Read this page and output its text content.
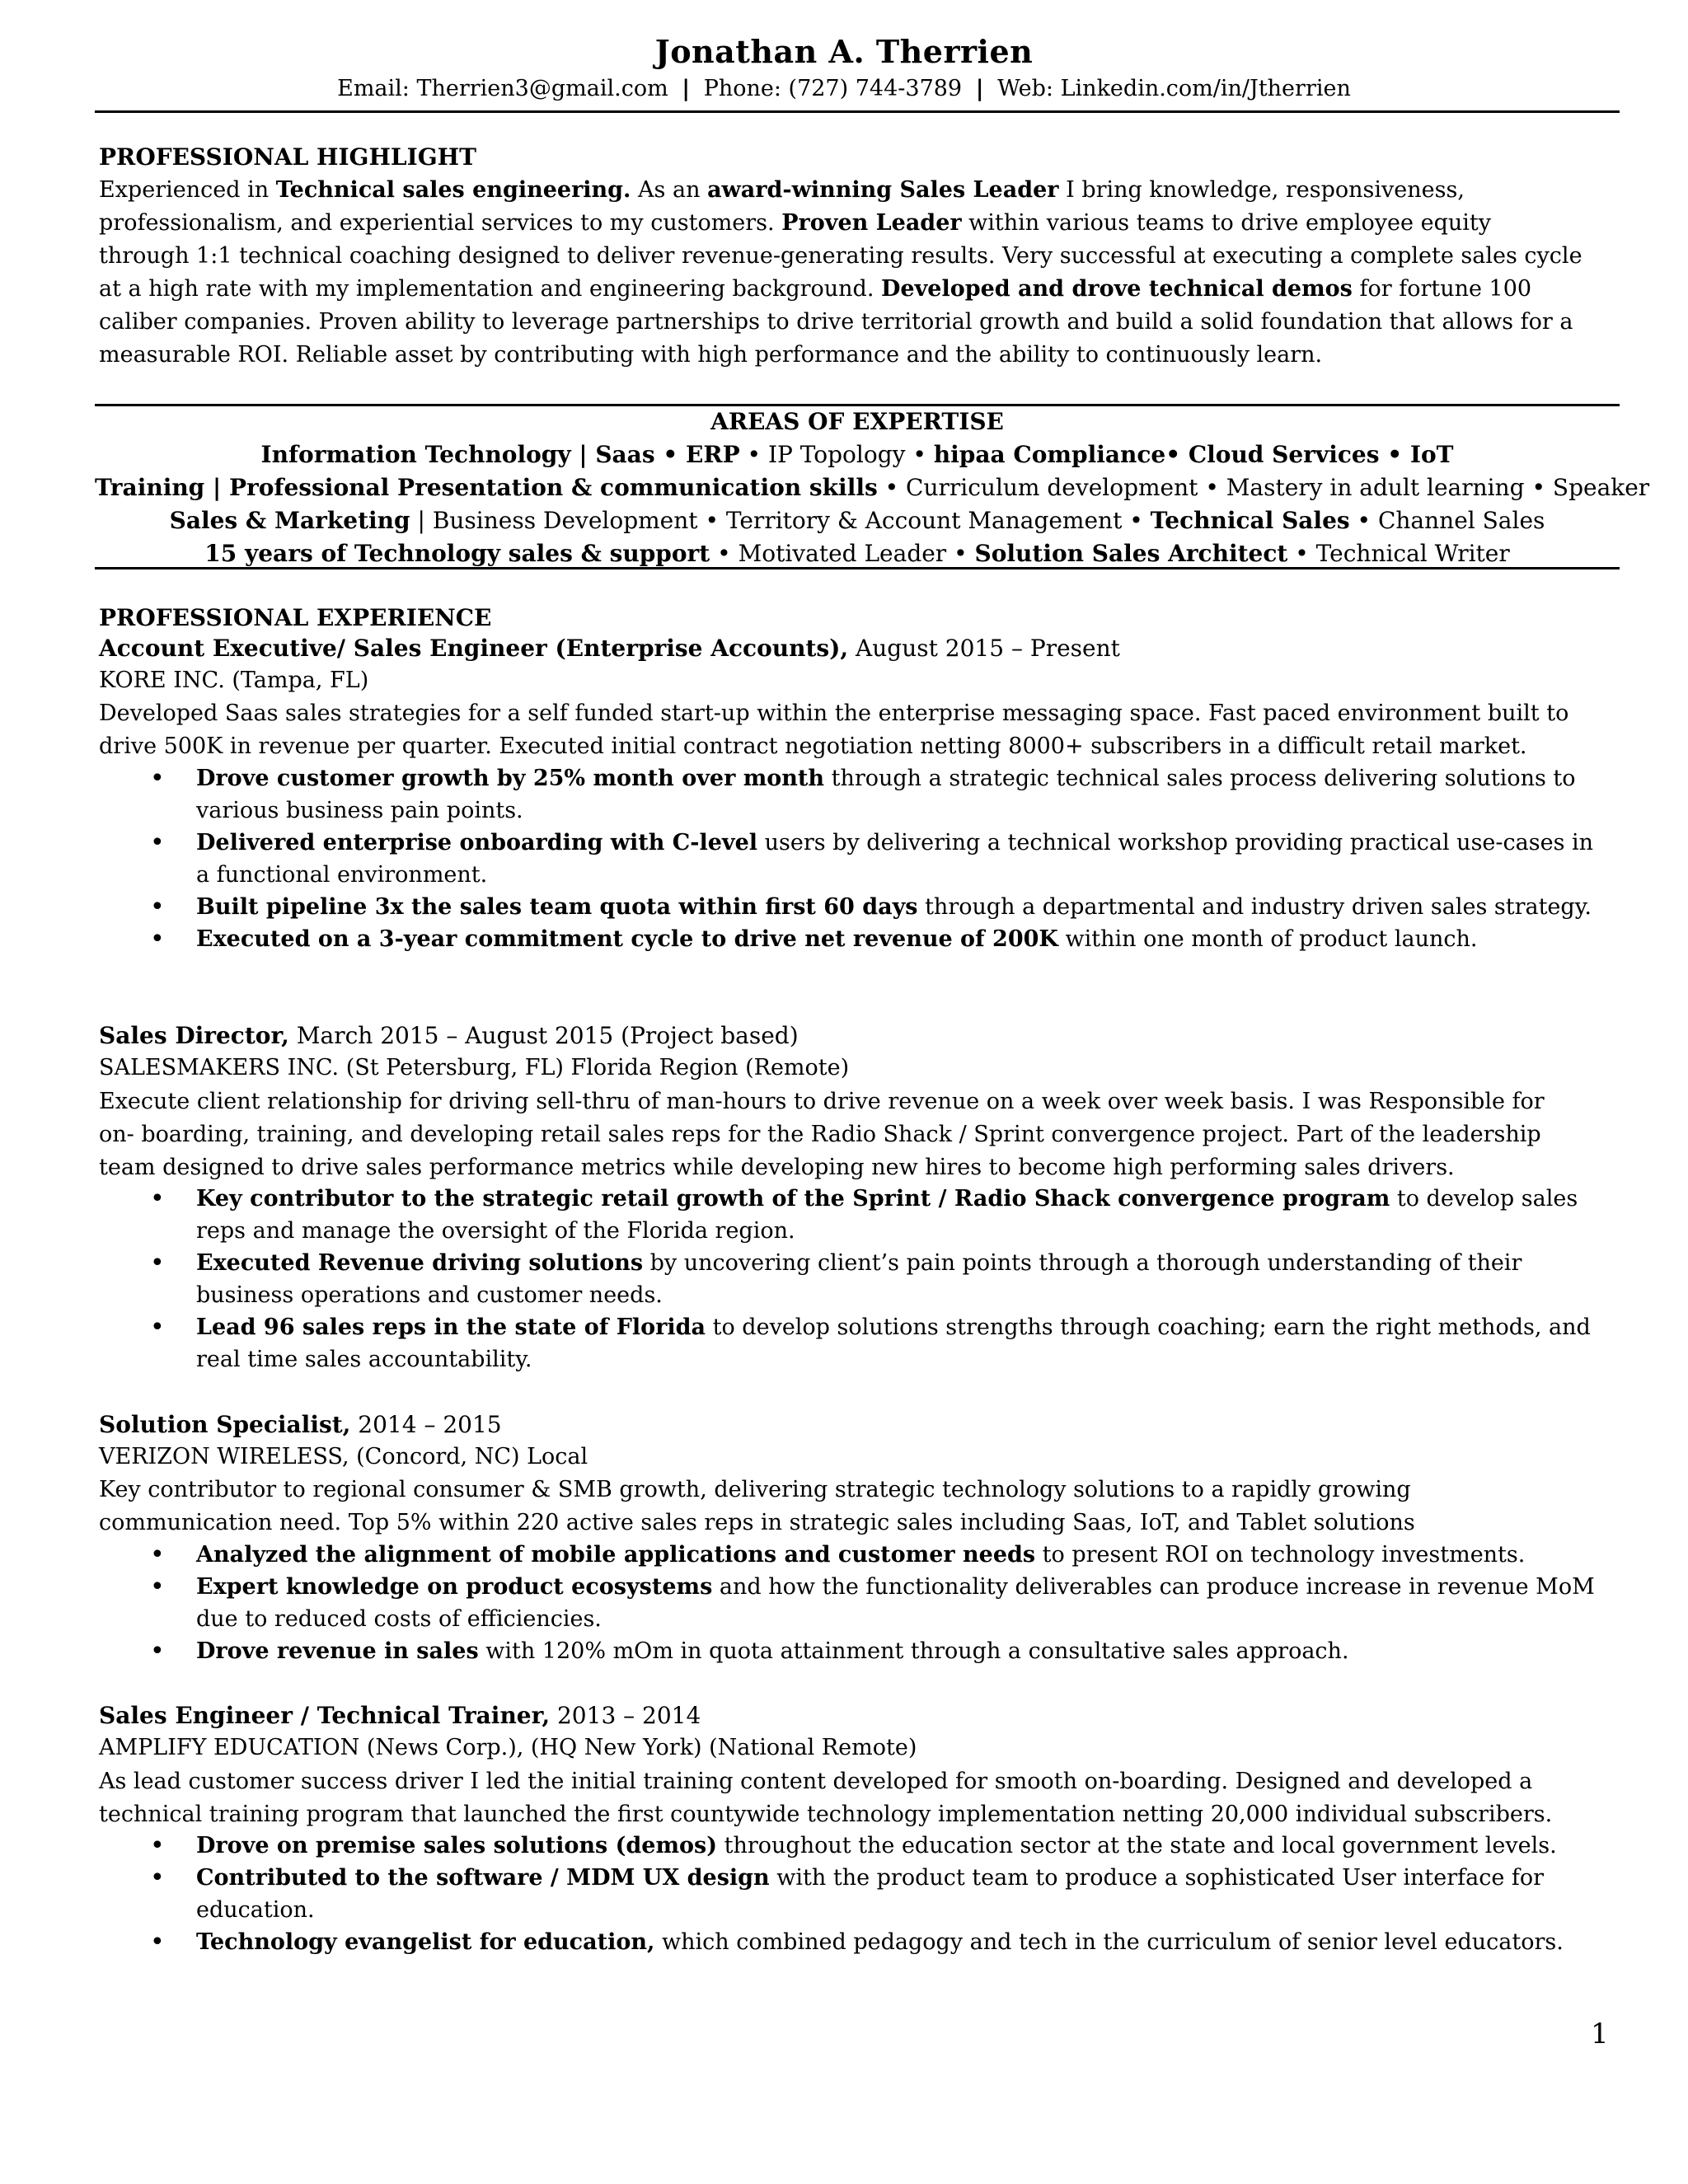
Jonathan A. Therrien
Email: Therrien3@gmail.com | Phone: (727) 744-3789 | Web: Linkedin.com/in/Jtherrien
PROFESSIONAL HIGHLIGHT

Experienced in Technical sales engineering. As an award-winning Sales Leader I bring knowledge, responsiveness,

professionalism, and experiential services to my customers. Proven Leader within various teams to drive employee equity

through 1:1 technical coaching designed to deliver revenue-generating results. Very successful at executing a complete sales cycle

at a high rate with my implementation and engineering background. Developed and drove technical demos for fortune 100

caliber companies. Proven ability to leverage partnerships to drive territorial growth and build a solid foundation that allows for a

measurable ROI. Reliable asset by contributing with high performance and the ability to continuously learn.

AREAS OF EXPERTISE
Information Technology | Saas • ERP • IP Topology • hipaa Compliance• Cloud Services • IoT
Training | Professional Presentation & communication skills • Curriculum development • Mastery in adult learning • Speaker
Sales & Marketing | Business Development • Territory & Account Management • Technical Sales • Channel Sales
15 years of Technology sales & support • Motivated Leader • Solution Sales Architect • Technical Writer
PROFESSIONAL EXPERIENCE
Account Executive/ Sales Engineer (Enterprise Accounts), August 2015 – Present
KORE INC. (Tampa, FL)

Developed Saas sales strategies for a self funded start-up within the enterprise messaging space. Fast paced environment built to

drive 500K in revenue per quarter. Executed initial contract negotiation netting 8000+ subscribers in a difficult retail market.

• Drove customer growth by 25% month over month through a strategic technical sales process delivering solutions to
various business pain points.
• Delivered enterprise onboarding with C-level users by delivering a technical workshop providing practical use-cases in
a functional environment.
• Built pipeline 3x the sales team quota within first 60 days through a departmental and industry driven sales strategy.
• Executed on a 3-year commitment cycle to drive net revenue of 200K within one month of product launch.
Sales Director, March 2015 – August 2015 (Project based)
SALESMAKERS INC. (St Petersburg, FL) Florida Region (Remote)

Execute client relationship for driving sell-thru of man-hours to drive revenue on a week over week basis. I was Responsible for

on- boarding, training, and developing retail sales reps for the Radio Shack / Sprint convergence project. Part of the leadership

team designed to drive sales performance metrics while developing new hires to become high performing sales drivers.

• Key contributor to the strategic retail growth of the Sprint / Radio Shack convergence program to develop sales
reps and manage the oversight of the Florida region.
• Executed Revenue driving solutions by uncovering client’s pain points through a thorough understanding of their
business operations and customer needs.
• Lead 96 sales reps in the state of Florida to develop solutions strengths through coaching; earn the right methods, and
real time sales accountability.
Solution Specialist, 2014 – 2015
VERIZON WIRELESS, (Concord, NC) Local

Key contributor to regional consumer & SMB growth, delivering strategic technology solutions to a rapidly growing

communication need. Top 5% within 220 active sales reps in strategic sales including Saas, IoT, and Tablet solutions

• Analyzed the alignment of mobile applications and customer needs to present ROI on technology investments.
• Expert knowledge on product ecosystems and how the functionality deliverables can produce increase in revenue MoM
due to reduced costs of efficiencies.
• Drove revenue in sales with 120% mOm in quota attainment through a consultative sales approach.
Sales Engineer / Technical Trainer, 2013 – 2014
AMPLIFY EDUCATION (News Corp.), (HQ New York) (National Remote)

As lead customer success driver I led the initial training content developed for smooth on-boarding. Designed and developed a

technical training program that launched the first countywide technology implementation netting 20,000 individual subscribers.

• Drove on premise sales solutions (demos) throughout the education sector at the state and local government levels.
• Contributed to the software / MDM UX design with the product team to produce a sophisticated User interface for
education.
• Technology evangelist for education, which combined pedagogy and tech in the curriculum of senior level educators.
1
